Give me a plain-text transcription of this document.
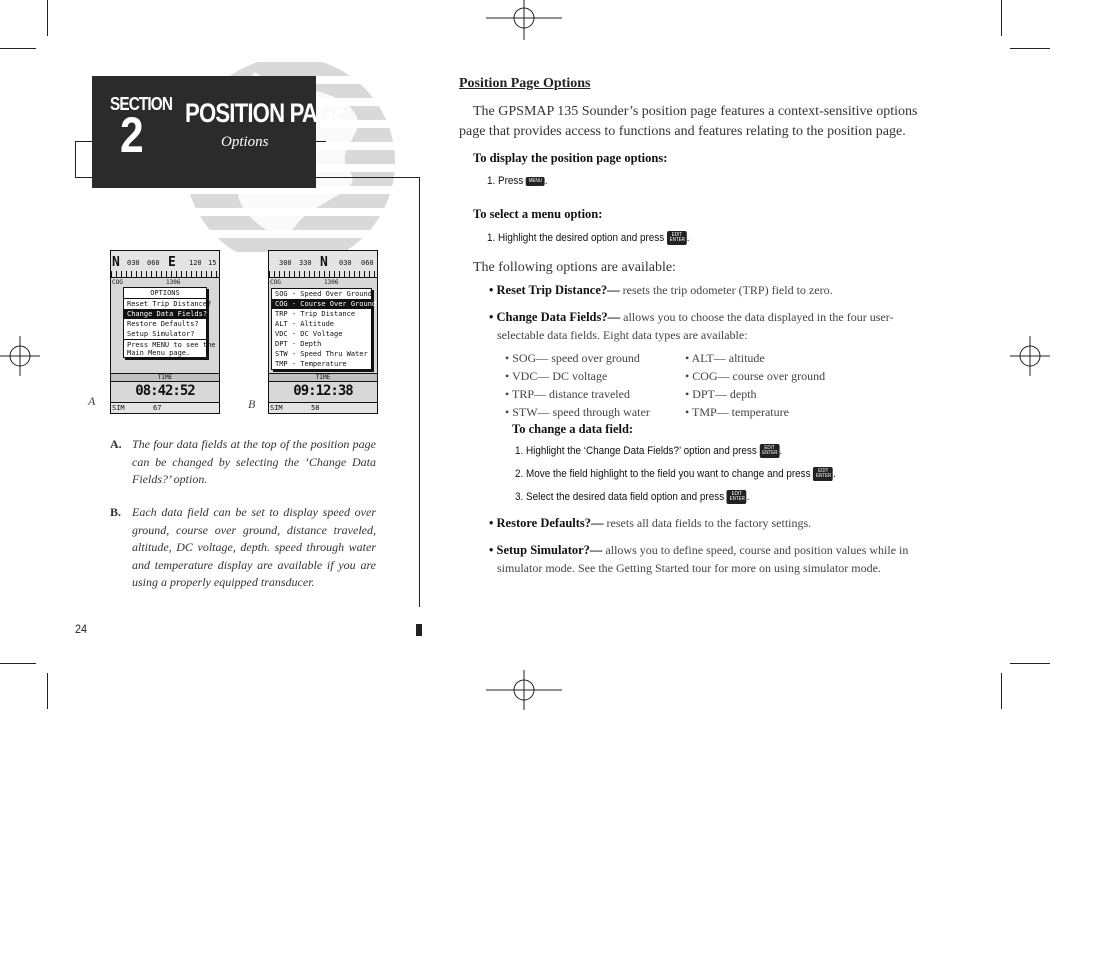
SECTION
2 POSITION PAGE
Options
N 030 060 E 120 15
COG	1306
OPTIONS
Reset Trip Distance?
Change Data Fields?
Restore Defaults?
Setup Simulator?
Press MENU to see the
Main Menu page.
TIME
08:42:52
SIM	67
A
300 330 N 030 060
COG	1306
SOG - Speed Over Ground
COG - Course Over Ground
TRP - Trip Distance
ALT - Altitude
VDC - DC Voltage
DPT - Depth
STW - Speed Thru Water
TMP - Temperature
TIME
09:12:38
SIM	58
B
A. The four data fields at the top of the position page can be changed by selecting the ‘Change Data Fields?’ option.

B. Each data field can be set to display speed over ground, course over ground, distance traveled, altitude, DC voltage, depth. speed through water and temperature display are available if you are using a properly equipped transducer.

24
Position Page Options
The GPSMAP 135 Sounder’s position page features a context-sensitive options page that provides access to functions and features relating to the position page.
To display the position page options:
1. Press MENU .
To select a menu option:
1. Highlight the desired option and press EDIT ENTER .
The following options are available:
• Reset Trip Distance?— resets the trip odometer (TRP) field to zero.
• Change Data Fields?— allows you to choose the data displayed in the four user-selectable data fields. Eight data types are available:
• SOG— speed over ground
• VDC— DC voltage
• TRP— distance traveled
• STW— speed through water
• ALT— altitude
• COG— course over ground
• DPT— depth
• TMP— temperature
To change a data field:
1. Highlight the ‘Change Data Fields?’ option and press EDIT ENTER .
2. Move the field highlight to the field you want to change and press EDIT ENTER .
3. Select the desired data field option and press EDIT ENTER .
• Restore Defaults?— resets all data fields to the factory settings.
• Setup Simulator?— allows you to define speed, course and position values while in simulator mode. See the Getting Started tour for more on using simulator mode.
